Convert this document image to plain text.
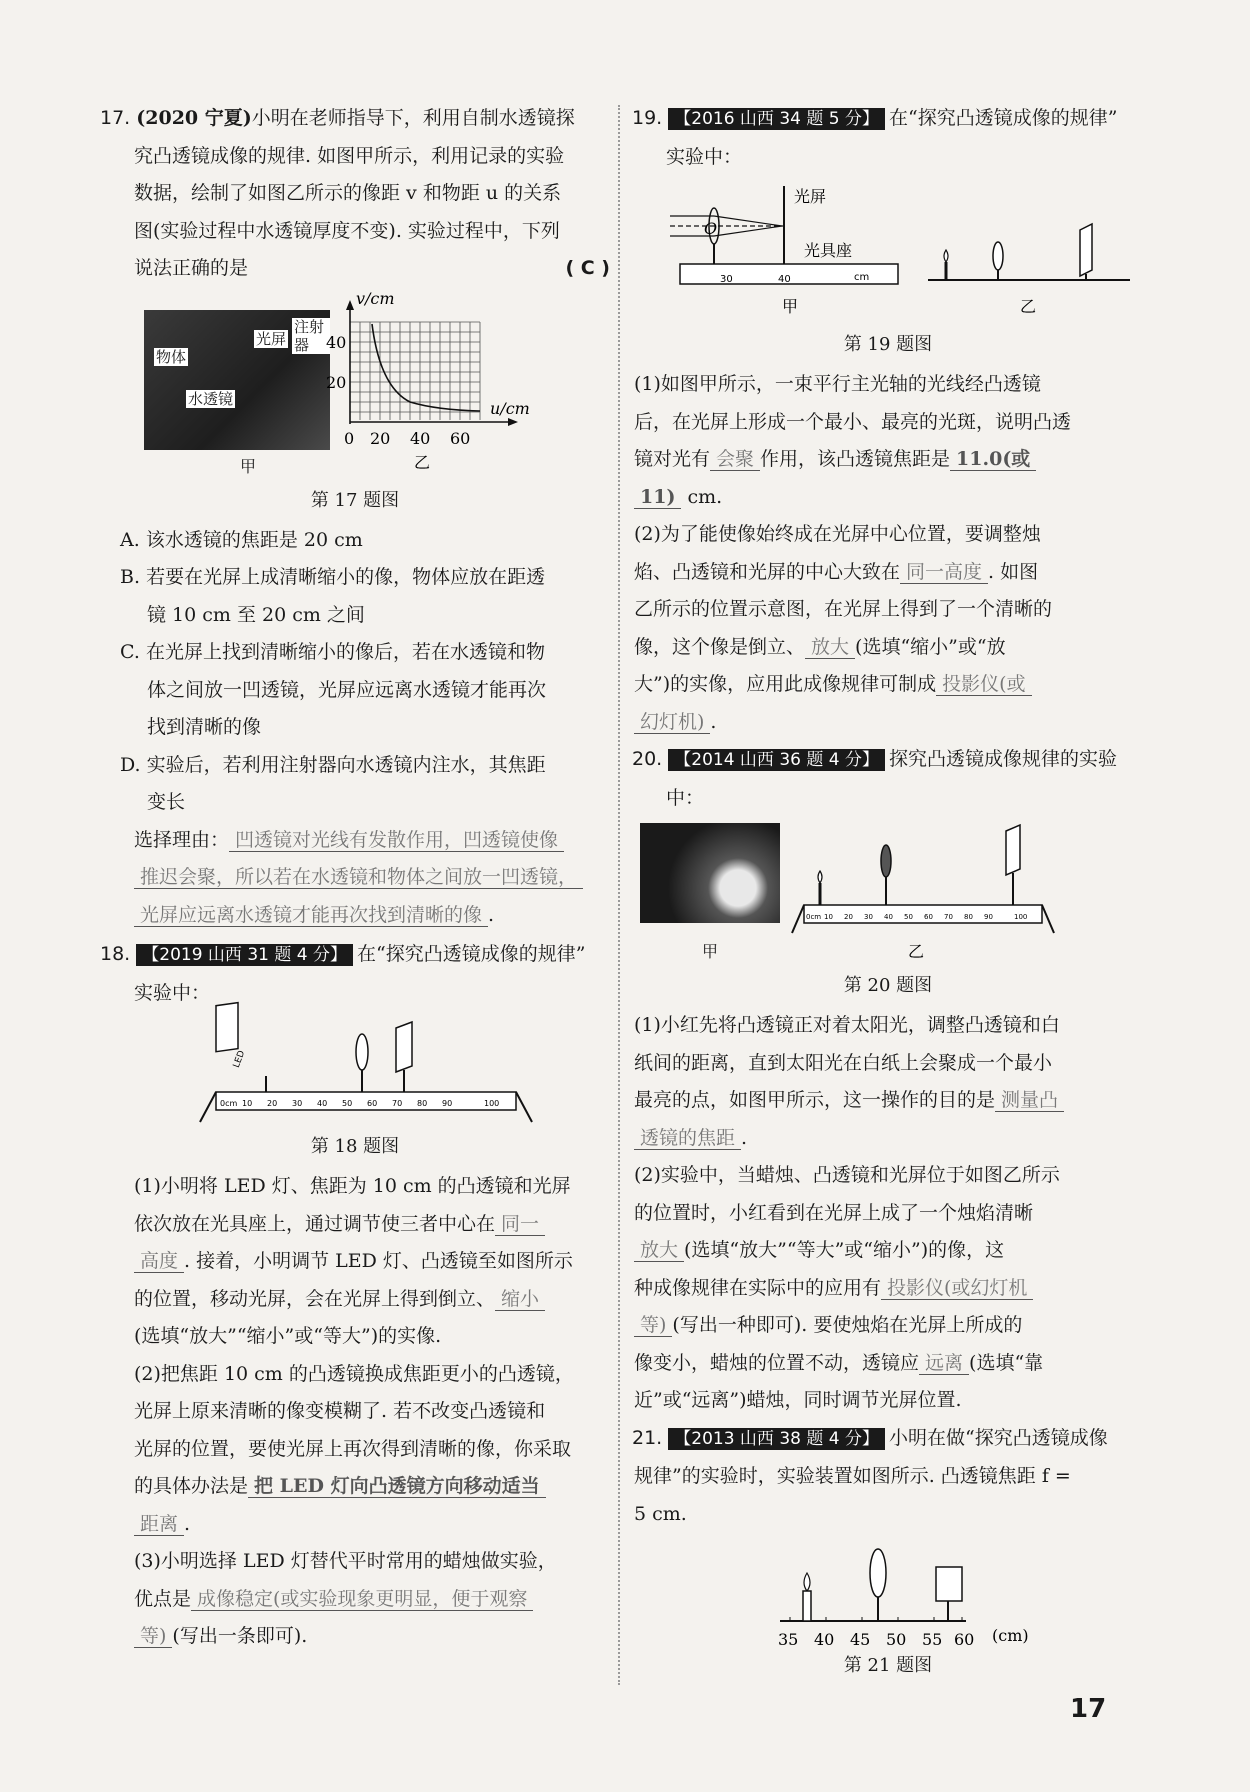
17. (2020 宁夏)小明在老师指导下，利用自制水透镜探

究凸透镜成像的规律. 如图甲所示，利用记录的实验

数据，绘制了如图乙所示的像距 v 和物距 u 的关系

图(实验过程中水透镜厚度不变). 实验过程中，下列

说法正确的是	( C )

物体
光屏
注射器
水透镜
v/cm
u/cm
40
20
0 20 40 60
乙
甲
第 17 题图

A. 该水透镜的焦距是 20 cm

B. 若要在光屏上成清晰缩小的像，物体应放在距透

镜 10 cm 至 20 cm 之间

C. 在光屏上找到清晰缩小的像后，若在水透镜和物

体之间放一凹透镜，光屏应远离水透镜才能再次

找到清晰的像

D. 实验后，若利用注射器向水透镜内注水，其焦距

变长

选择理由： 凹透镜对光线有发散作用，凹透镜使像

推迟会聚，所以若在水透镜和物体之间放一凹透镜，

光屏应远离水透镜才能再次找到清晰的像 .

18. 【2019 山西 31 题 4 分】 在“探究凸透镜成像的规律”

实验中：

LED
0cm 10 20 30 40 50 60 70 80 90	100
第 18 题图

(1)小明将 LED 灯、焦距为 10 cm 的凸透镜和光屏

依次放在光具座上，通过调节使三者中心在 同一

高度 . 接着，小明调节 LED 灯、凸透镜至如图所示

的位置，移动光屏，会在光屏上得到倒立、 缩小

(选填“放大”“缩小”或“等大”)的实像.

(2)把焦距 10 cm 的凸透镜换成焦距更小的凸透镜，

光屏上原来清晰的像变模糊了. 若不改变凸透镜和

光屏的位置，要使光屏上再次得到清晰的像，你采取

的具体办法是 把 LED 灯向凸透镜方向移动适当

距离 .

(3)小明选择 LED 灯替代平时常用的蜡烛做实验，

优点是 成像稳定(或实验现象更明显，便于观察

等) (写出一条即可).

19. 【2016 山西 34 题 5 分】 在“探究凸透镜成像的规律”

实验中：

O
光屏
光具座
30	40	cm
甲	乙
第 19 题图

(1)如图甲所示，一束平行主光轴的光线经凸透镜

后，在光屏上形成一个最小、最亮的光斑，说明凸透

镜对光有 会聚 作用，该凸透镜焦距是 11.0(或

11) cm.

(2)为了能使像始终成在光屏中心位置，要调整烛

焰、凸透镜和光屏的中心大致在 同一高度 . 如图

乙所示的位置示意图，在光屏上得到了一个清晰的

像，这个像是倒立、 放大 (选填“缩小”或“放

大”)的实像，应用此成像规律可制成 投影仪(或

幻灯机) .

20. 【2014 山西 36 题 4 分】 探究凸透镜成像规律的实验

中：

0cm 10 20 30 40 50 60 70 80 90	100
乙
甲
第 20 题图

(1)小红先将凸透镜正对着太阳光，调整凸透镜和白

纸间的距离，直到太阳光在白纸上会聚成一个最小

最亮的点，如图甲所示，这一操作的目的是 测量凸

透镜的焦距 .

(2)实验中，当蜡烛、凸透镜和光屏位于如图乙所示

的位置时，小红看到在光屏上成了一个烛焰清晰

放大 (选填“放大”“等大”或“缩小”)的像，这

种成像规律在实际中的应用有 投影仪(或幻灯机

等) (写出一种即可). 要使烛焰在光屏上所成的

像变小，蜡烛的位置不动，透镜应 远离 (选填“靠

近”或“远离”)蜡烛，同时调节光屏位置.

21. 【2013 山西 38 题 4 分】 小明在做“探究凸透镜成像

规律”的实验时，实验装置如图所示. 凸透镜焦距 f =

5 cm.

35 40 45 50 55 60 (cm)
第 21 题图
17
